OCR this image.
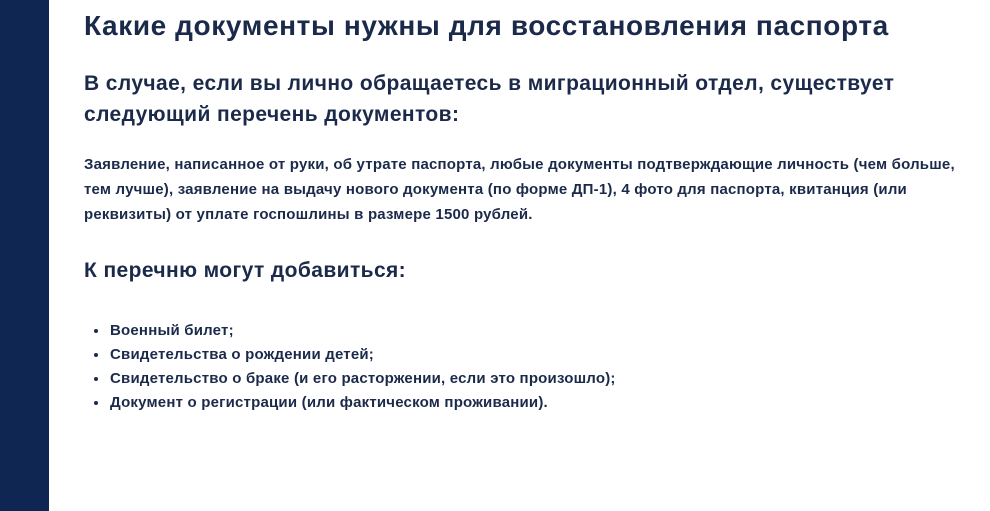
Какие документы нужны для восстановления паспорта
В случае, если вы лично обращаетесь в миграционный отдел, существует следующий перечень документов:

Заявление, написанное от руки, об утрате паспорта, любые документы подтверждающие личность (чем больше, тем лучше), заявление на выдачу нового документа (по форме ДП-1), 4 фото для паспорта, квитанция (или реквизиты) от уплате госпошлины в размере 1500 рублей.

К перечню могут добавиться:
Военный билет;
Свидетельства о рождении детей;
Свидетельство о браке (и его расторжении, если это произошло);
Документ о регистрации (или фактическом проживании).
